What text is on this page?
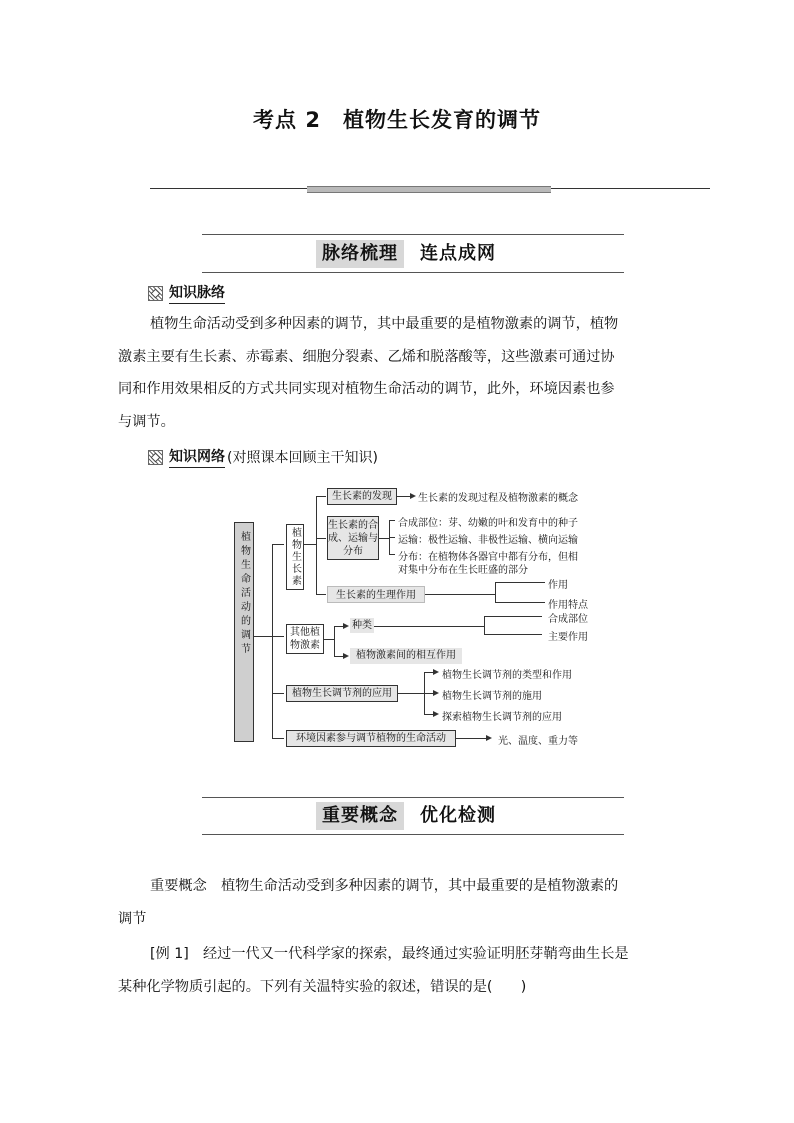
考点 2　植物生长发育的调节
脉络梳理	连点成网
知识脉络
植物生命活动受到多种因素的调节，其中最重要的是植物激素的调节，植物
激素主要有生长素、赤霉素、细胞分裂素、乙烯和脱落酸等，这些激素可通过协
同和作用效果相反的方式共同实现对植物生命活动的调节，此外，环境因素也参
与调节。
知识网络 (对照课本回顾主干知识)
植物生命活动的调节	植物生长素
生长素的发现	生长素的发现过程及植物激素的概念
生长素的合成、运输与分布
合成部位：芽、幼嫩的叶和发育中的种子
运输：极性运输、非极性运输、横向运输
分布：在植物体各器官中都有分布，但相
对集中分布在生长旺盛的部分
生长素的生理作用
作用
作用特点
其他植物激素
种类
合成部位
主要作用
植物激素间的相互作用
植物生长调节剂的应用
植物生长调节剂的类型和作用
植物生长调节剂的施用
探索植物生长调节剂的应用
环境因素参与调节植物的生命活动	光、温度、重力等
重要概念	优化检测
重要概念　植物生命活动受到多种因素的调节，其中最重要的是植物激素的
调节
[例 1]　经过一代又一代科学家的探索，最终通过实验证明胚芽鞘弯曲生长是
某种化学物质引起的。下列有关温特实验的叙述，错误的是(　　)
